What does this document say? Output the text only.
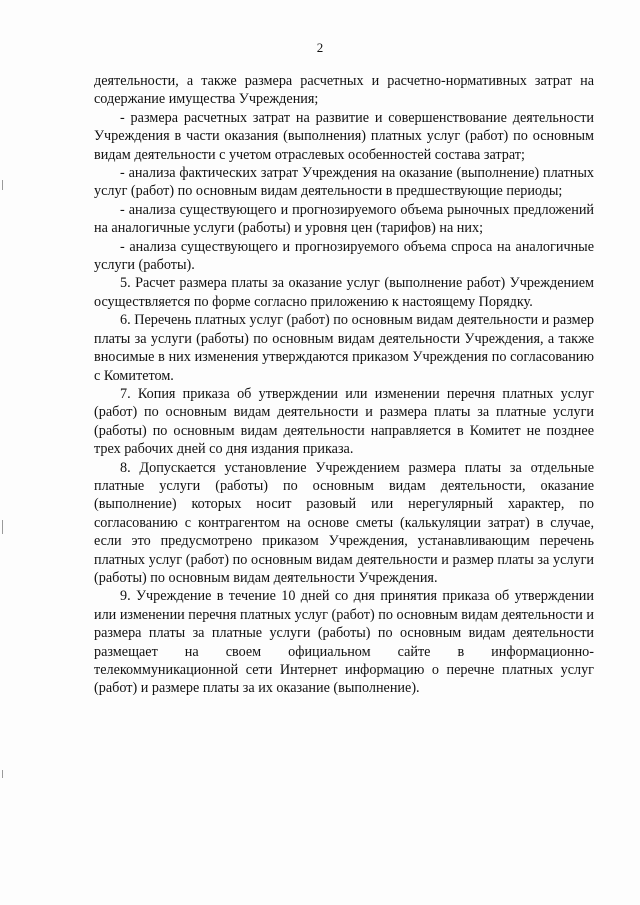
2

деятельности, а также размера расчетных и расчетно-нормативных затрат на содержание имущества Учреждения;

- размера расчетных затрат на развитие и совершенствование деятельности Учреждения в части оказания (выполнения) платных услуг (работ) по основным видам деятельности с учетом отраслевых особенностей состава затрат;

- анализа фактических затрат Учреждения на оказание (выполнение) платных услуг (работ) по основным видам деятельности в предшествующие периоды;

- анализа существующего и прогнозируемого объема рыночных предложений на аналогичные услуги (работы) и уровня цен (тарифов) на них;

- анализа существующего и прогнозируемого объема спроса на аналогичные услуги (работы).

5. Расчет размера платы за оказание услуг (выполнение работ) Учреждением осуществляется по форме согласно приложению к настоящему Порядку.

6. Перечень платных услуг (работ) по основным видам деятельности и размер платы за услуги (работы) по основным видам деятельности Учреждения, а также вносимые в них изменения утверждаются приказом Учреждения по согласованию с Комитетом.

7. Копия приказа об утверждении или изменении перечня платных услуг (работ) по основным видам деятельности и размера платы за платные услуги (работы) по основным видам деятельности направляется в Комитет не позднее трех рабочих дней со дня издания приказа.

8. Допускается установление Учреждением размера платы за отдельные платные услуги (работы) по основным видам деятельности, оказание (выполнение) которых носит разовый или нерегулярный характер, по согласованию с контрагентом на основе сметы (калькуляции затрат) в случае, если это предусмотрено приказом Учреждения, устанавливающим перечень платных услуг (работ) по основным видам деятельности и размер платы за услуги (работы) по основным видам деятельности Учреждения.

9. Учреждение в течение 10 дней со дня принятия приказа об утверждении или изменении перечня платных услуг (работ) по основным видам деятельности и размера платы за платные услуги (работы) по основным видам деятельности размещает на своем официальном сайте в информационно-телекоммуникационной сети Интернет информацию о перечне платных услуг (работ) и размере платы за их оказание (выполнение).
